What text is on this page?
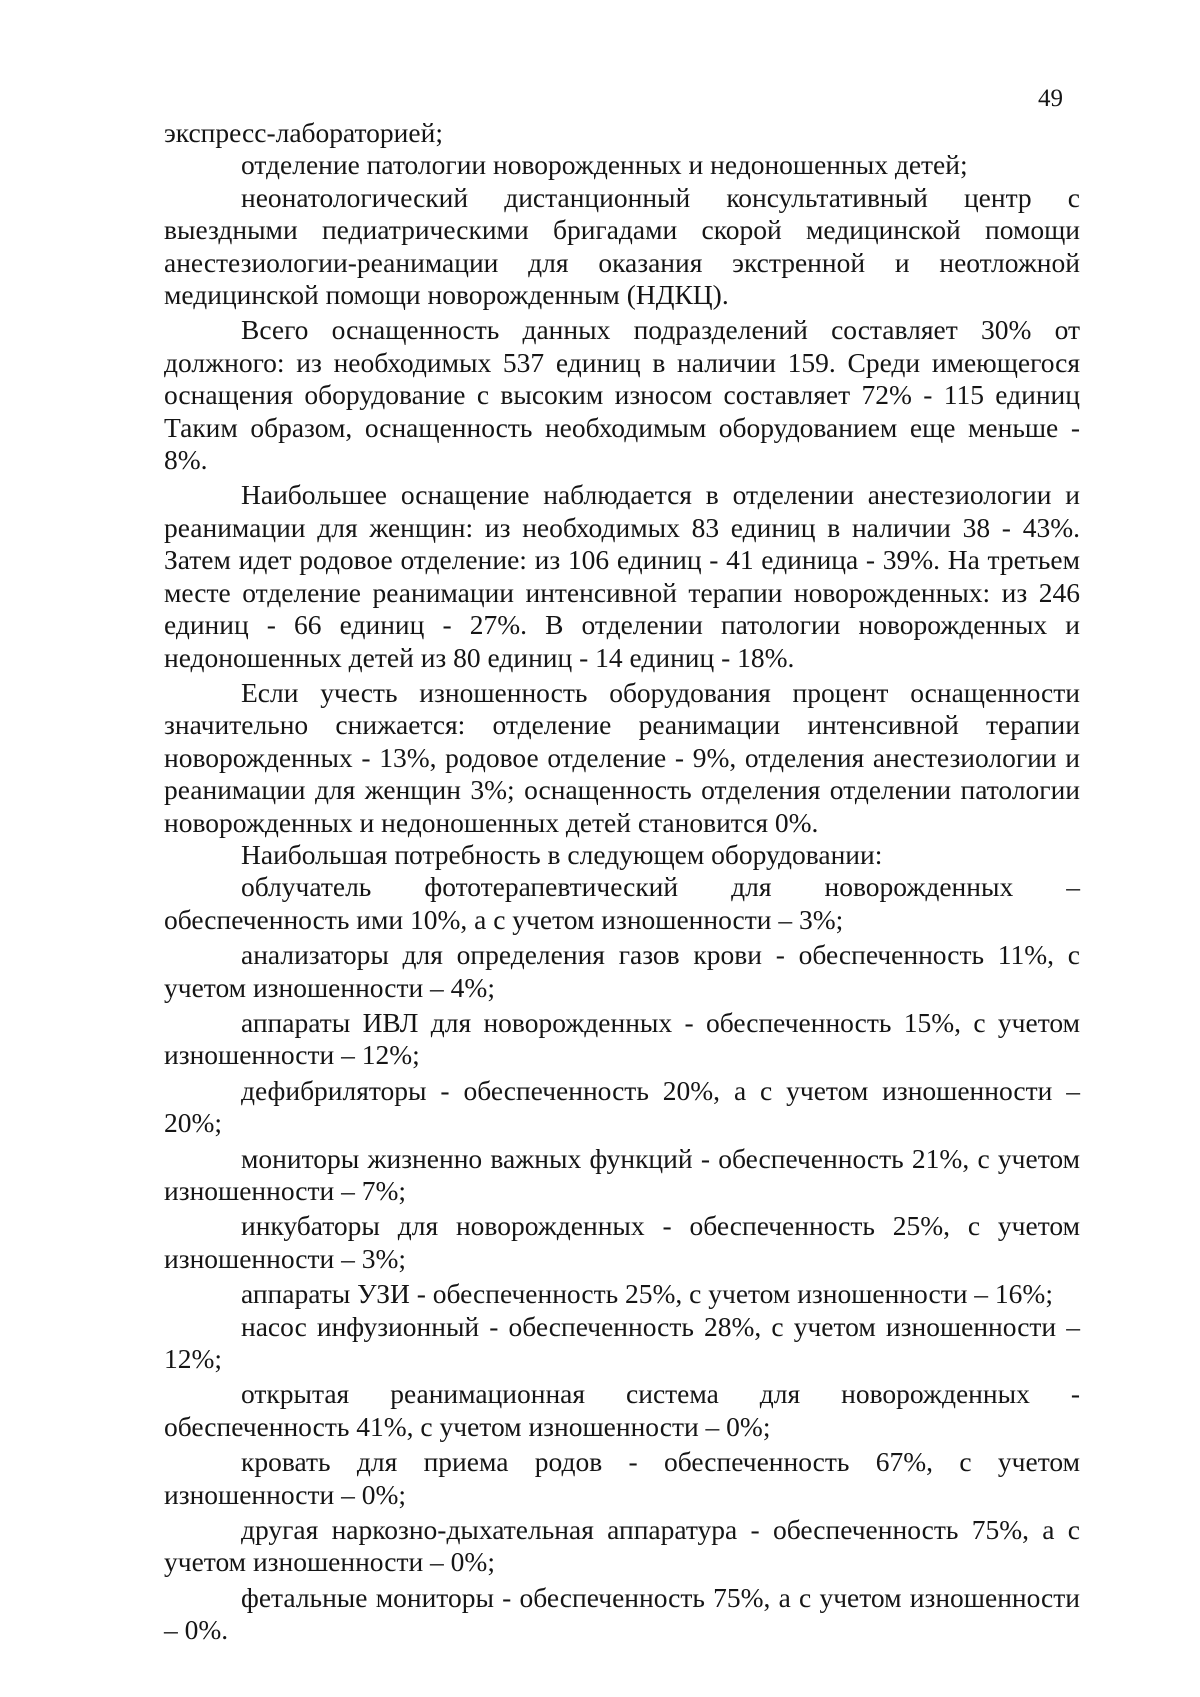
49

экспресс-лабораторией;

отделение патологии новорожденных и недоношенных детей;

неонатологический дистанционный консультативный центр с выездными педиатрическими бригадами скорой медицинской помощи анестезиологии-реанимации для оказания экстренной и неотложной медицинской помощи новорожденным (НДКЦ).

Всего оснащенность данных подразделений составляет 30% от должного: из необходимых 537 единиц в наличии 159. Среди имеющегося оснащения оборудование с высоким износом составляет 72% - 115 единиц Таким образом, оснащенность необходимым оборудованием еще меньше - 8%.

Наибольшее оснащение наблюдается в отделении анестезиологии и реанимации для женщин: из необходимых 83 единиц в наличии 38 - 43%. Затем идет родовое отделение: из 106 единиц - 41 единица - 39%. На третьем месте отделение реанимации интенсивной терапии новорожденных: из 246 единиц - 66 единиц - 27%. В отделении патологии новорожденных и недоношенных детей из 80 единиц - 14 единиц - 18%.

Если учесть изношенность оборудования процент оснащенности значительно снижается: отделение реанимации интенсивной терапии новорожденных - 13%, родовое отделение - 9%, отделения анестезиологии и реанимации для женщин 3%; оснащенность отделения отделении патологии новорожденных и недоношенных детей становится 0%.

Наибольшая потребность в следующем оборудовании:

облучатель фототерапевтический для новорожденных – обеспеченность ими 10%, а с учетом изношенности – 3%;

анализаторы для определения газов крови - обеспеченность 11%, с учетом изношенности – 4%;

аппараты ИВЛ для новорожденных - обеспеченность 15%, с учетом изношенности – 12%;

дефибриляторы - обеспеченность 20%, а с учетом изношенности – 20%;

мониторы жизненно важных функций - обеспеченность 21%, с учетом изношенности – 7%;

инкубаторы для новорожденных - обеспеченность 25%, с учетом изношенности – 3%;

аппараты УЗИ - обеспеченность 25%, с учетом изношенности – 16%;

насос инфузионный - обеспеченность 28%, с учетом изношенности – 12%;

открытая реанимационная система для новорожденных - обеспеченность 41%, с учетом изношенности – 0%;

кровать для приема родов - обеспеченность 67%, с учетом изношенности – 0%;

другая наркозно-дыхательная аппаратура - обеспеченность 75%, а с учетом изношенности – 0%;

фетальные мониторы - обеспеченность 75%, а с учетом изношенности – 0%.
